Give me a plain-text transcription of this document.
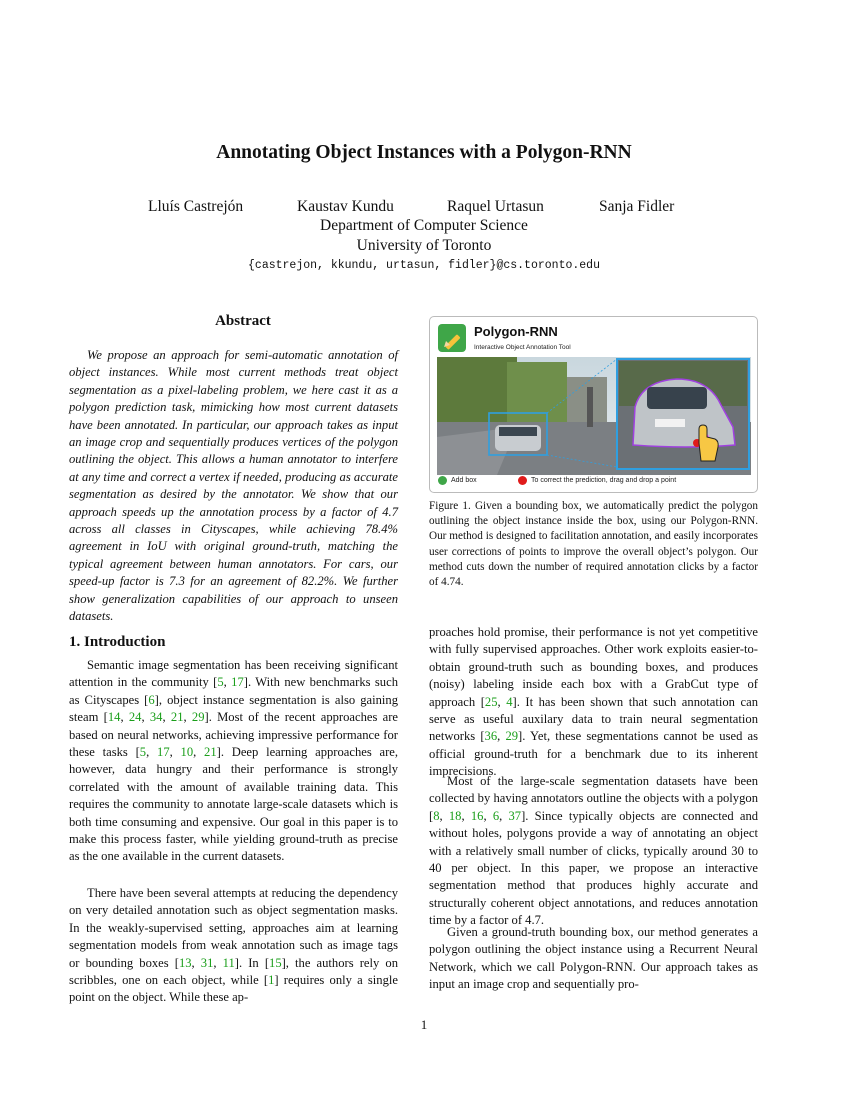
Annotating Object Instances with a Polygon-RNN
Lluís Castrejón	Kaustav Kundu	Raquel Urtasun	Sanja Fidler
Department of Computer Science
University of Toronto
{castrejon, kkundu, urtasun, fidler}@cs.toronto.edu
Abstract
We propose an approach for semi-automatic annotation of object instances. While most current methods treat object segmentation as a pixel-labeling problem, we here cast it as a polygon prediction task, mimicking how most current datasets have been annotated. In particular, our approach takes as input an image crop and sequentially produces vertices of the polygon outlining the object. This allows a human annotator to interfere at any time and correct a vertex if needed, producing as accurate segmentation as desired by the annotator. We show that our approach speeds up the annotation process by a factor of 4.7 across all classes in Cityscapes, while achieving 78.4% agreement in IoU with original ground-truth, matching the typical agreement between human annotators. For cars, our speed-up factor is 7.3 for an agreement of 82.2%. We further show generalization capabilities of our approach to unseen datasets.
1. Introduction
Semantic image segmentation has been receiving significant attention in the community [5, 17]. With new benchmarks such as Cityscapes [6], object instance segmentation is also gaining steam [14, 24, 34, 21, 29]. Most of the recent approaches are based on neural networks, achieving impressive performance for these tasks [5, 17, 10, 21]. Deep learning approaches are, however, data hungry and their performance is strongly correlated with the amount of available training data. This requires the community to annotate large-scale datasets which is both time consuming and expensive. Our goal in this paper is to make this process faster, while yielding ground-truth as precise as the one available in the current datasets.
There have been several attempts at reducing the dependency on very detailed annotation such as object segmentation masks. In the weakly-supervised setting, approaches aim at learning segmentation models from weak annotation such as image tags or bounding boxes [13, 31, 11]. In [15], the authors rely on scribbles, one on each object, while [1] requires only a single point on the object. While these ap-
Polygon-RNN
Interactive Object Annotation Tool
Add box	To correct the prediction, drag and drop a point
Figure 1. Given a bounding box, we automatically predict the polygon outlining the object instance inside the box, using our Polygon-RNN. Our method is designed to facilitation annotation, and easily incorporates user corrections of points to improve the overall object’s polygon. Our method cuts down the number of required annotation clicks by a factor of 4.74.
proaches hold promise, their performance is not yet competitive with fully supervised approaches. Other work exploits easier-to-obtain ground-truth such as bounding boxes, and produces (noisy) labeling inside each box with a GrabCut type of approach [25, 4]. It has been shown that such annotation can serve as useful auxilary data to train neural segmentation networks [36, 29]. Yet, these segmentations cannot be used as official ground-truth for a benchmark due to its inherent imprecisions.
Most of the large-scale segmentation datasets have been collected by having annotators outline the objects with a polygon [8, 18, 16, 6, 37]. Since typically objects are connected and without holes, polygons provide a way of annotating an object with a relatively small number of clicks, typically around 30 to 40 per object. In this paper, we propose an interactive segmentation method that produces highly accurate and structurally coherent object annotations, and reduces annotation time by a factor of 4.7.
Given a ground-truth bounding box, our method generates a polygon outlining the object instance using a Recurrent Neural Network, which we call Polygon-RNN. Our approach takes as input an image crop and sequentially pro-
1
